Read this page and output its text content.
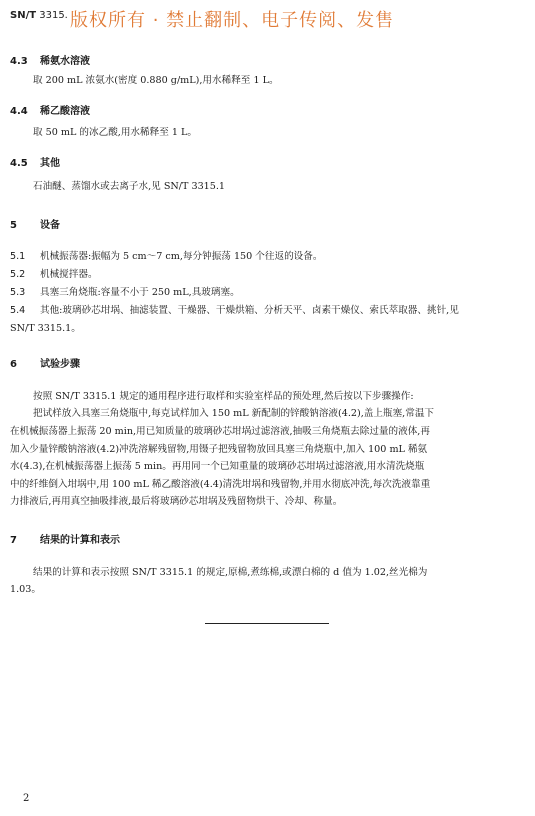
SN/T 3315. 版权所有 · 禁止翻制、电子传阅、发售
4.3 稀氨水溶液
取 200 mL 浓氨水(密度 0.880 g/mL),用水稀释至 1 L。
4.4 稀乙酸溶液
取 50 mL 的冰乙酸,用水稀释至 1 L。
4.5 其他
石油醚、蒸馏水或去离子水,见 SN/T 3315.1
5 设备
5.1 机械振荡器:振幅为 5 cm～7 cm,每分钟振荡 150 个往返的设备。
5.2 机械搅拌器。
5.3 具塞三角烧瓶:容量不小于 250 mL,具玻璃塞。
5.4 其他:玻璃砂芯坩埚、抽滤装置、干燥器、干燥烘箱、分析天平、卤素干燥仪、索氏萃取器、挑针,见
SN/T 3315.1。
6 试验步骤
按照 SN/T 3315.1 规定的通用程序进行取样和实验室样品的预处理,然后按以下步骤操作:
把试样放入具塞三角烧瓶中,每克试样加入 150 mL 新配制的锌酸钠溶液(4.2),盖上瓶塞,常温下
在机械振荡器上振荡 20 min,用已知质量的玻璃砂芯坩埚过滤溶液,抽吸三角烧瓶去除过量的液体,再
加入少量锌酸钠溶液(4.2)冲洗溶解残留物,用镊子把残留物放回具塞三角烧瓶中,加入 100 mL 稀氨
水(4.3),在机械振荡器上振荡 5 min。再用同一个已知重量的玻璃砂芯坩埚过滤溶液,用水清洗烧瓶
中的纤维倒入坩埚中,用 100 mL 稀乙酸溶液(4.4)清洗坩埚和残留物,并用水彻底冲洗,每次洗液靠重
力排液后,再用真空抽吸排液,最后将玻璃砂芯坩埚及残留物烘干、冷却、称量。
7 结果的计算和表示
结果的计算和表示按照 SN/T 3315.1 的规定,原棉,煮练棉,或漂白棉的 d 值为 1.02,丝光棉为
1.03。
2
